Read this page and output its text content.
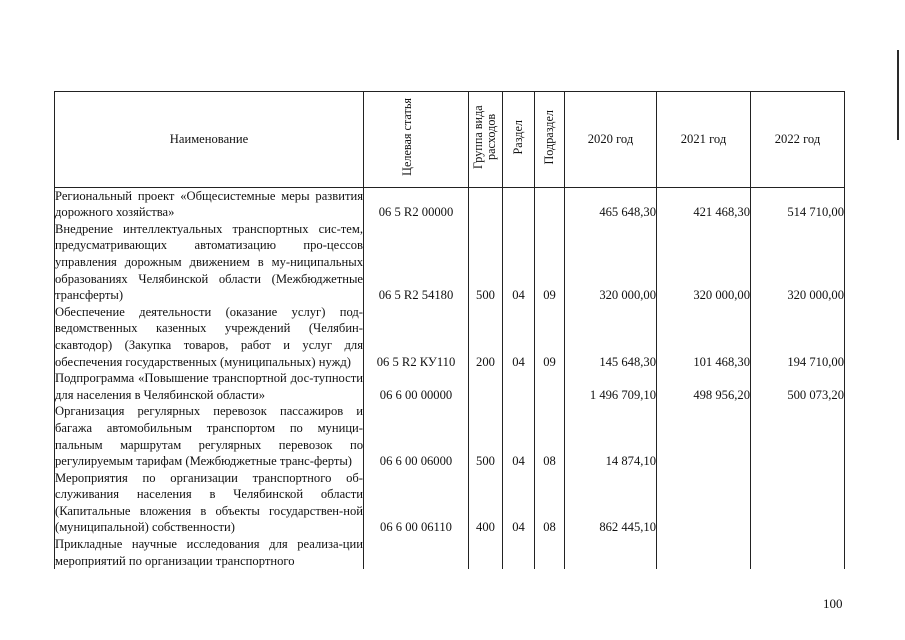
Наименование	Целевая статья	Группа вида расходов	Раздел	Подраздел	2020 год	2021 год	2022 год
Региональный проект «Общесистемные меры развития дорожного хозяйства»	06 5 R2 00000				465 648,30	421 468,30	514 710,00
Внедрение интеллектуальных транспортных сис-тем, предусматривающих автоматизацию про-цессов управления дорожным движением в му-ниципальных образованиях Челябинской области (Межбюджетные трансферты)	06 5 R2 54180	500	04	09	320 000,00	320 000,00	320 000,00
Обеспечение деятельности (оказание услуг) под-ведомственных казенных учреждений (Челябин-скавтодор) (Закупка товаров, работ и услуг для обеспечения государственных (муниципальных) нужд)	06 5 R2 КУ110	200	04	09	145 648,30	101 468,30	194 710,00
Подпрограмма «Повышение транспортной дос-тупности для населения в Челябинской области»	06 6 00 00000				1 496 709,10	498 956,20	500 073,20
Организация регулярных перевозок пассажиров и багажа автомобильным транспортом по муници-пальным маршрутам регулярных перевозок по регулируемым тарифам (Межбюджетные транс-ферты)	06 6 00 06000	500	04	08	14 874,10		
Мероприятия по организации транспортного об-служивания населения в Челябинской области (Капитальные вложения в объекты государствен-ной (муниципальной) собственности)	06 6 00 06110	400	04	08	862 445,10		
Прикладные научные исследования для реализа-ции мероприятий по организации транспортного							
100
